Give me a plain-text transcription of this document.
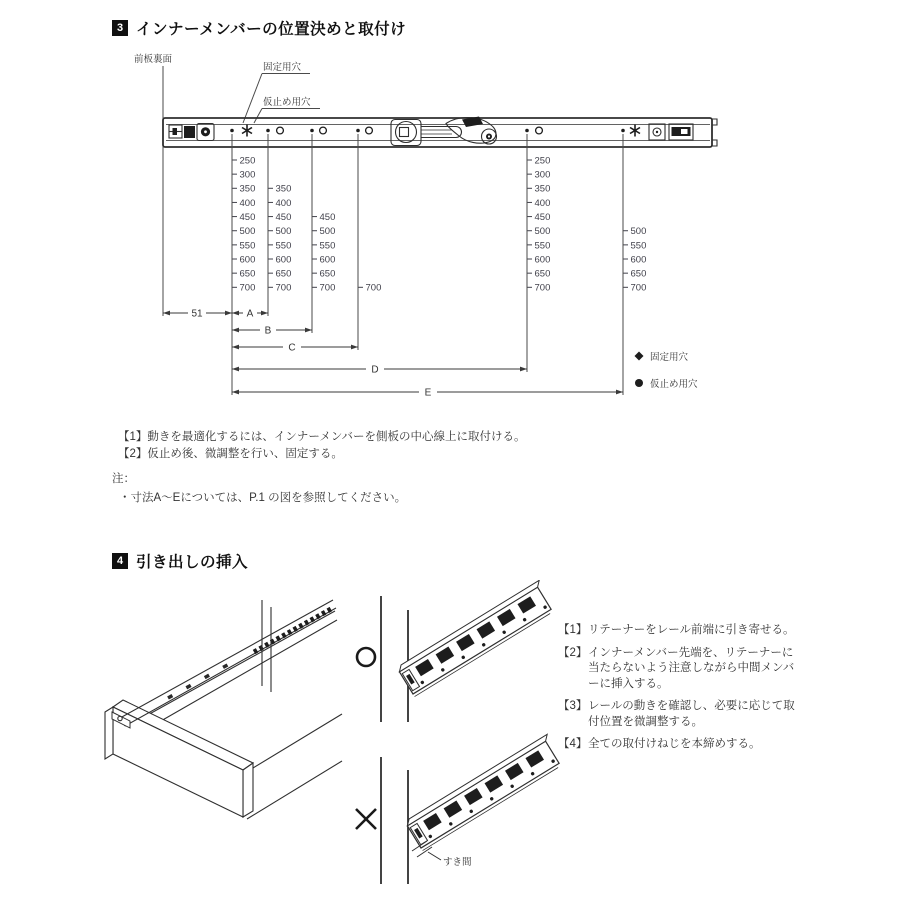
前板裏面
固定用穴
仮止め用穴
250
300
350
400
450
500
550
600
650
700
350
400
450
500
550
600
650
700
450
500
550
600
650
700	700
250
300
350
400
450
500
550
600
650
700
500
550
600
650
700
51	A
B
C
D
E
固定用穴
仮止め用穴
3 インナーメンバーの位置決めと取付け
【1】動きを最適化するには、インナーメンバーを側板の中心線上に取付ける。
【2】仮止め後、微調整を行い、固定する。
注：
・寸法A～Eについては、P.1 の図を参照してください。
4 引き出しの挿入
すき間
【1】 リテーナーをレール前端に引き寄せる。
【2】 インナーメンバー先端を、リテーナーに当たらないよう注意しながら中間メンバーに挿入する。
【3】 レールの動きを確認し、必要に応じて取付位置を微調整する。
【4】 全ての取付けねじを本締めする。
